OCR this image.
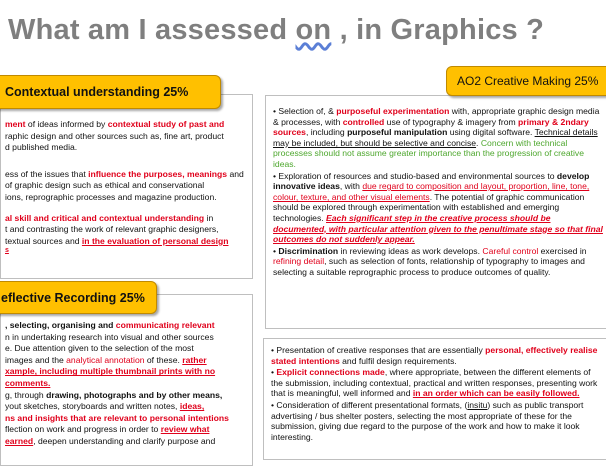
What am I assessed on , in Graphics ?
ment of ideas informed by contextual study of past and
raphic design and other sources such as, fine art, product
d published media.
ess of the issues that influence the purposes, meanings and
of graphic design such as ethical and conservational
ions, reprographic processes and magazine production.
al skill and critical and contextual understanding in
t and contrasting the work of relevant graphic designers,
textual sources and in the evaluation of personal design
s
, selecting, organising and communicating relevant
n in undertaking research into visual and other sources
e. Due attention given to the selection of the most
images and the analytical annotation of these. rather
xample, including multiple thumbnail prints with no
comments.
g, through drawing, photographs and by other means,
yout sketches, storyboards and written notes, ideas,
ns and insights that are relevant to personal intentions
flection on work and progress in order to review what
earned, deepen understanding and clarify purpose and
• Selection of, & purposeful experimentation with, appropriate graphic design media & processes, with controlled use of typography & imagery from primary & 2ndary sources, including purposeful manipulation using digital software. Technical details may be included, but should be selective and concise. Concern with technical processes should not assume greater importance than the progression of creative ideas.
• Exploration of resources and studio-based and environmental sources to develop innovative ideas, with due regard to composition and layout, proportion, line, tone, colour, texture, and other visual elements. The potential of graphic communication should be explored through experimentation with established and emerging technologies. Each significant step in the creative process should be documented, with particular attention given to the penultimate stage so that final outcomes do not suddenly appear.
• Discrimination in reviewing ideas as work develops. Careful control exercised in refining detail, such as selection of fonts, relationship of typography to images and selecting a suitable reprographic process to produce outcomes of quality.
• Presentation of creative responses that are essentially personal, effectively realise stated intentions and fulfil design requirements.
• Explicit connections made, where appropriate, between the different elements of the submission, including contextual, practical and written responses, presenting work that is meaningful, well informed and in an order which can be easily followed.
• Consideration of different presentational formats, (insitu) such as public transport advertising / bus shelter posters, selecting the most appropriate of these for the submission, giving due regard to the purpose of the work and how to make it look interesting.
Contextual understanding 25%
eflective Recording 25%
AO2 Creative Making 25%
